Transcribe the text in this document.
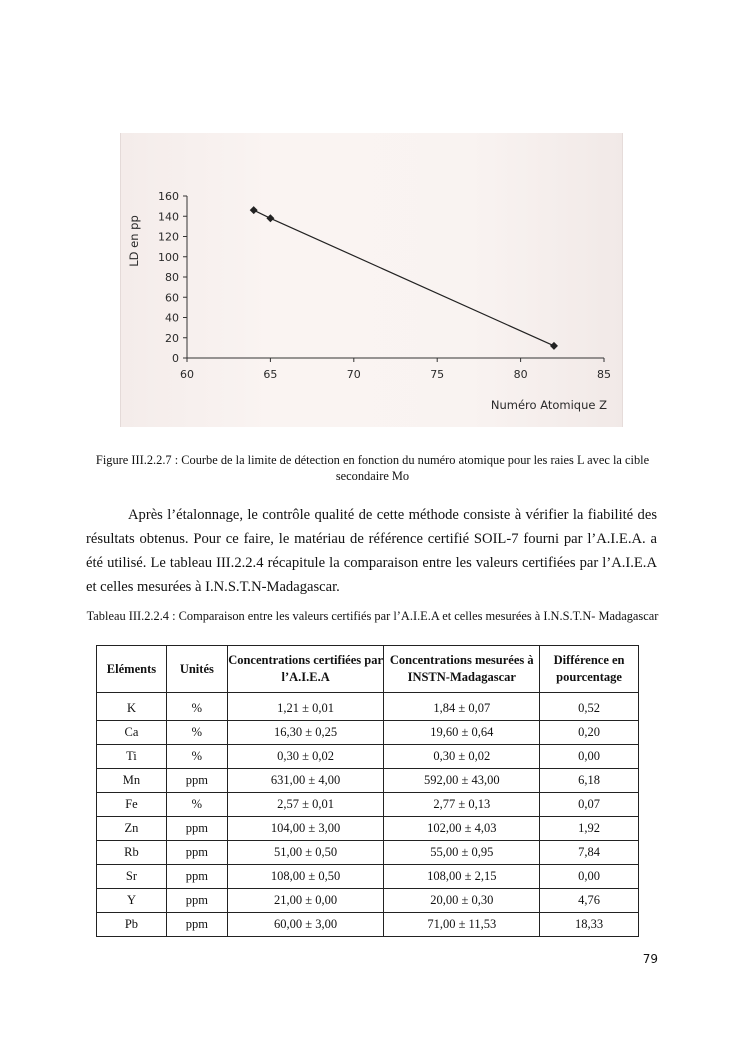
0
20
40
60
80
100
120
140
160
60	65	70	75	80	85
Numéro Atomique Z
LD en pp
Figure III.2.2.7 : Courbe de la limite de détection en fonction du numéro atomique pour les raies L avec la cible secondaire Mo

Après l’étalonnage, le contrôle qualité de cette méthode consiste à vérifier la fiabilité des résultats obtenus. Pour ce faire, le matériau de référence certifié SOIL-7 fourni par l’A.I.E.A. a été utilisé. Le tableau III.2.2.4 récapitule la comparaison entre les valeurs certifiées par l’A.I.E.A et celles mesurées à I.N.S.T.N-Madagascar.

Tableau III.2.2.4 : Comparaison entre les valeurs certifiés par l’A.I.E.A et celles mesurées à I.N.S.T.N- Madagascar
Eléments	Unités	Concentrations certifiées par l’A.I.E.A	Concentrations mesurées à INSTN-Madagascar	Différence en pourcentage
K	%	1,21 ± 0,01	1,84 ± 0,07	0,52
Ca	%	16,30 ± 0,25	19,60 ± 0,64	0,20
Ti	%	0,30 ± 0,02	0,30 ± 0,02	0,00
Mn	ppm	631,00 ± 4,00	592,00 ± 43,00	6,18
Fe	%	2,57 ± 0,01	2,77 ± 0,13	0,07
Zn	ppm	104,00 ± 3,00	102,00 ± 4,03	1,92
Rb	ppm	51,00 ± 0,50	55,00 ± 0,95	7,84
Sr	ppm	108,00 ± 0,50	108,00 ± 2,15	0,00
Y	ppm	21,00 ± 0,00	20,00 ± 0,30	4,76
Pb	ppm	60,00 ± 3,00	71,00 ± 11,53	18,33
79
